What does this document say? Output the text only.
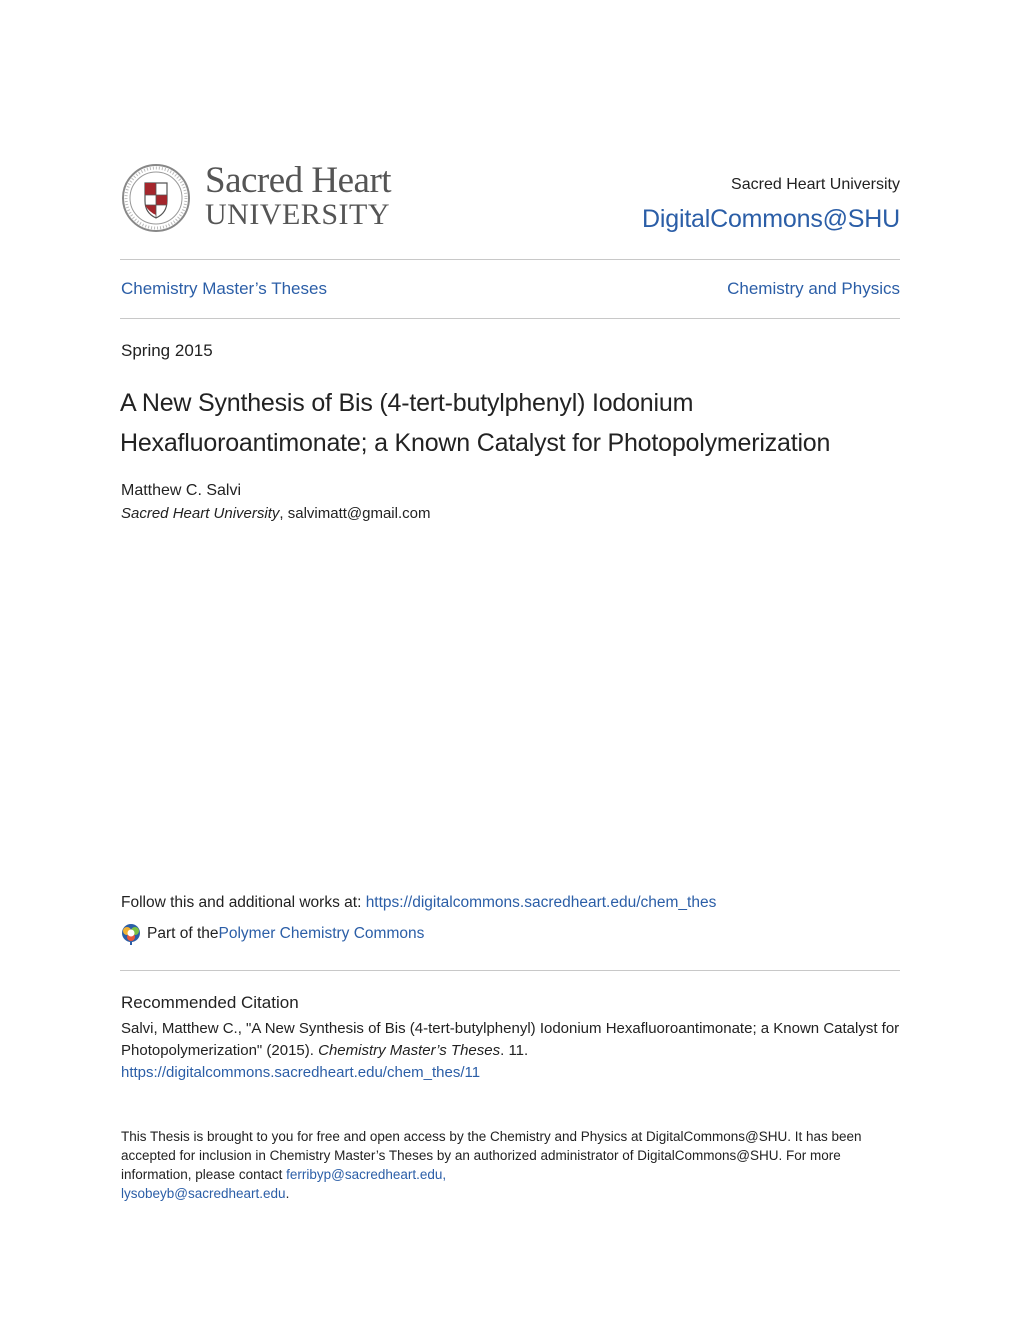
Sacred Heart
UNIVERSITY
Sacred Heart University
DigitalCommons@SHU
Chemistry Master’s Theses	Chemistry and Physics
Spring 2015
A New Synthesis of Bis (4-tert-butylphenyl) Iodonium
Hexafluoroantimonate; a Known Catalyst for Photopolymerization
Matthew C. Salvi
Sacred Heart University, salvimatt@gmail.com
Follow this and additional works at: https://digitalcommons.sacredheart.edu/chem_thes
Part of the Polymer Chemistry Commons
Recommended Citation
Salvi, Matthew C., "A New Synthesis of Bis (4-tert-butylphenyl) Iodonium Hexafluoroantimonate; a Known Catalyst for Photopolymerization" (2015). Chemistry Master’s Theses. 11.
https://digitalcommons.sacredheart.edu/chem_thes/11
This Thesis is brought to you for free and open access by the Chemistry and Physics at DigitalCommons@SHU. It has been accepted for inclusion in Chemistry Master’s Theses by an authorized administrator of DigitalCommons@SHU. For more information, please contact ferribyp@sacredheart.edu,
lysobeyb@sacredheart.edu.
